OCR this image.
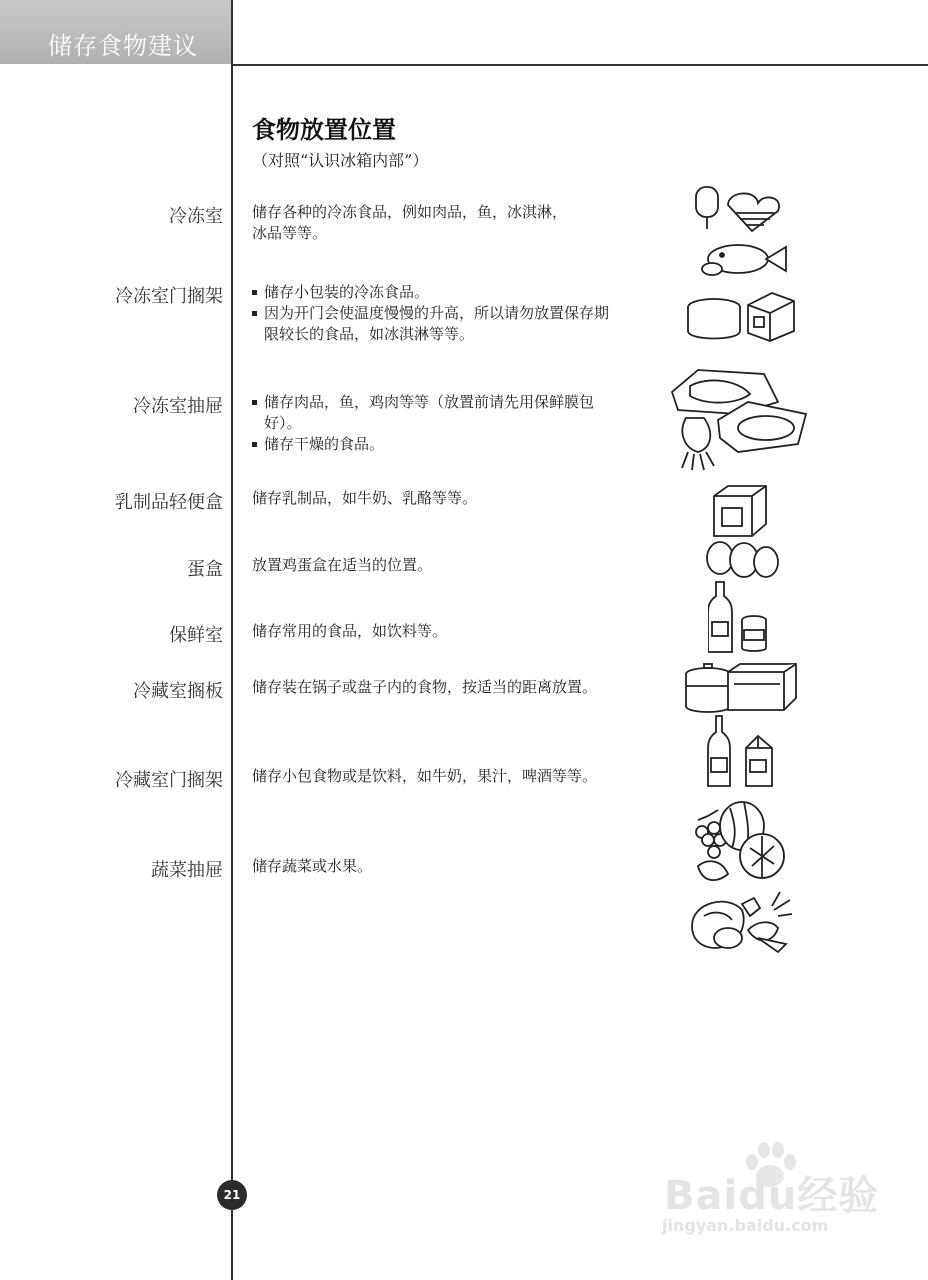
储存食物建议
食物放置位置
（对照“认识冰箱内部”）
冷冻室
冷冻室门搁架
冷冻室抽屉
乳制品轻便盒
蛋盒
保鲜室
冷藏室搁板
冷藏室门搁架
蔬菜抽屉
储存各种的冷冻食品，例如肉品，鱼，冰淇淋，
冰品等等。
储存小包装的冷冻食品。
因为开门会使温度慢慢的升高，所以请勿放置保存期限较长的食品，如冰淇淋等等。
储存肉品，鱼，鸡肉等等（放置前请先用保鲜膜包好）。
储存干燥的食品。
储存乳制品，如牛奶、乳酪等等。
放置鸡蛋盒在适当的位置。
储存常用的食品，如饮料等。
储存装在锅子或盘子内的食物，按适当的距离放置。
储存小包食物或是饮料，如牛奶，果汁，啤酒等等。
储存蔬菜或水果。
21	Baidu经验
jingyan.baidu.com
